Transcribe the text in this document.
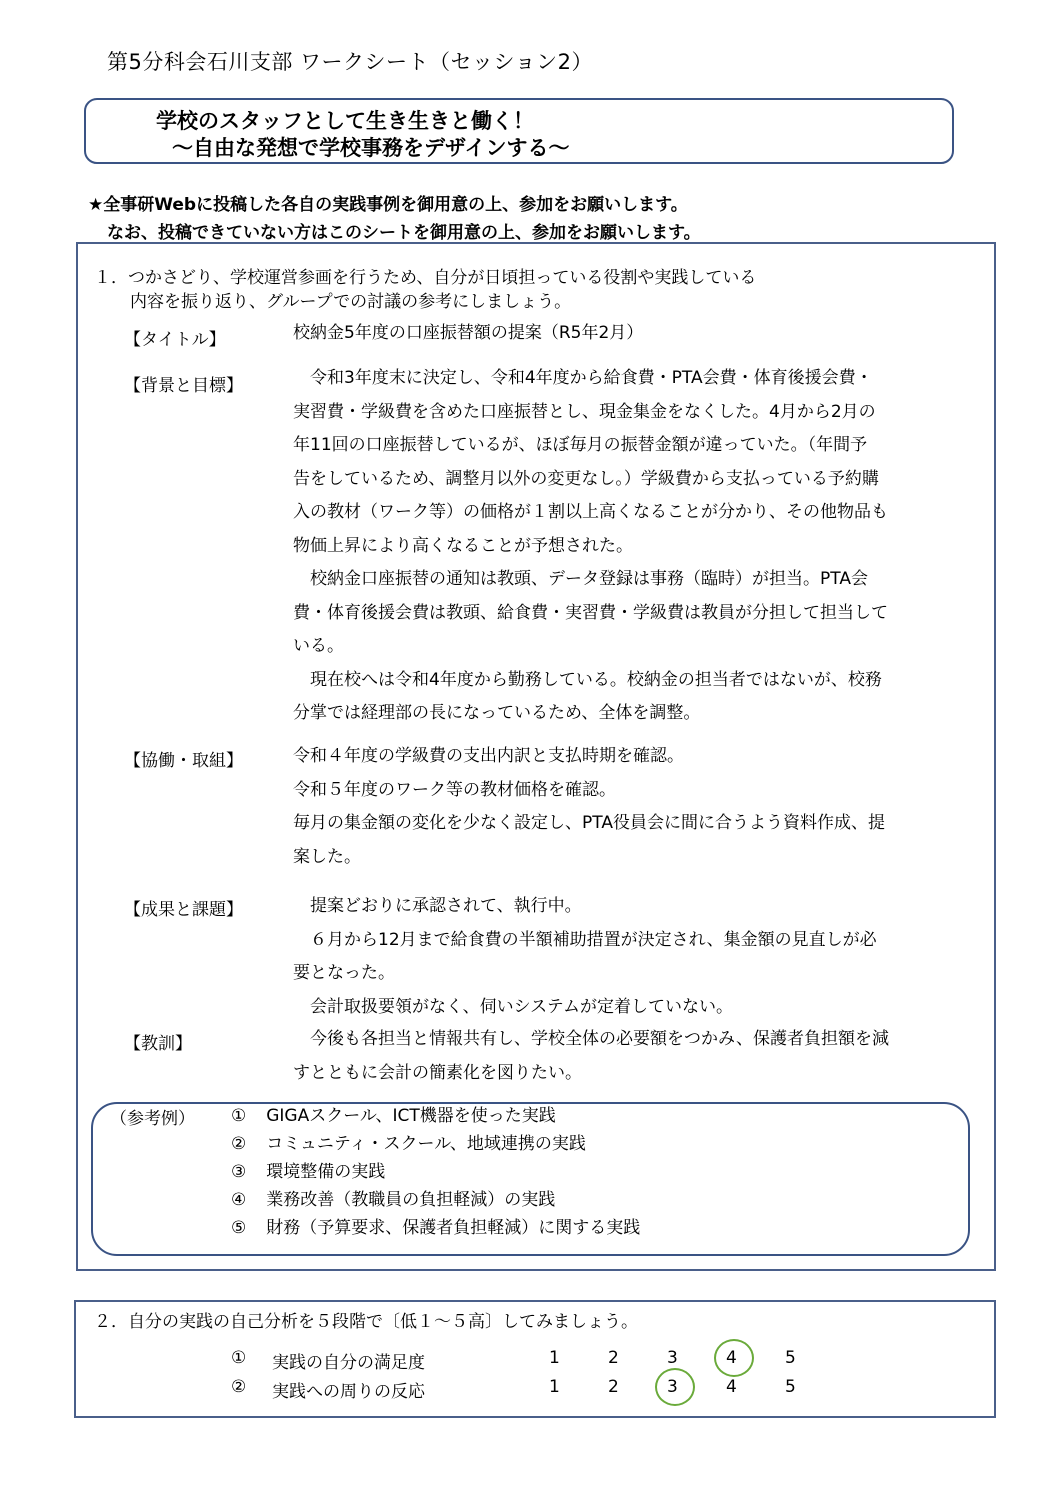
第5分科会石川支部 ワークシート（セッション2）
学校のスタッフとして生き生きと働く！
～自由な発想で学校事務をデザインする～
★全事研Webに投稿した各自の実践事例を御用意の上、参加をお願いします。
なお、投稿できていない方はこのシートを御用意の上、参加をお願いします。
１．つかさどり、学校運営参画を行うため、自分が日頃担っている役割や実践している
内容を振り返り、グループでの討議の参考にしましょう。
【タイトル】	校納金5年度の口座振替額の提案（R5年2月）
【背景と目標】	　令和3年度末に決定し、令和4年度から給食費・PTA会費・体育後援会費・
実習費・学級費を含めた口座振替とし、現金集金をなくした。4月から2月の
年11回の口座振替しているが、ほぼ毎月の振替金額が違っていた。（年間予
告をしているため、調整月以外の変更なし。）学級費から支払っている予約購
入の教材（ワーク等）の価格が１割以上高くなることが分かり、その他物品も
物価上昇により高くなることが予想された。
　校納金口座振替の通知は教頭、データ登録は事務（臨時）が担当。PTA会
費・体育後援会費は教頭、給食費・実習費・学級費は教員が分担して担当して
いる。
　現在校へは令和4年度から勤務している。校納金の担当者ではないが、校務
分掌では経理部の長になっているため、全体を調整。
【協働・取組】	令和４年度の学級費の支出内訳と支払時期を確認。
令和５年度のワーク等の教材価格を確認。
毎月の集金額の変化を少なく設定し、PTA役員会に間に合うよう資料作成、提
案した。
【成果と課題】	　提案どおりに承認されて、執行中。
　６月から12月まで給食費の半額補助措置が決定され、集金額の見直しが必
要となった。
　会計取扱要領がなく、伺いシステムが定着していない。
【教訓】	　今後も各担当と情報共有し、学校全体の必要額をつかみ、保護者負担額を減
すとともに会計の簡素化を図りたい。
（参考例） ① GIGAスクール、ICT機器を使った実践
② コミュニティ・スクール、地域連携の実践
③ 環境整備の実践
④ 業務改善（教職員の負担軽減）の実践
⑤ 財務（予算要求、保護者負担軽減）に関する実践
２．自分の実践の自己分析を５段階で〔低１～５高〕してみましょう。
① 実践の自分の満足度	1	2	3	4	5
② 実践への周りの反応	1	2	3	4	5
